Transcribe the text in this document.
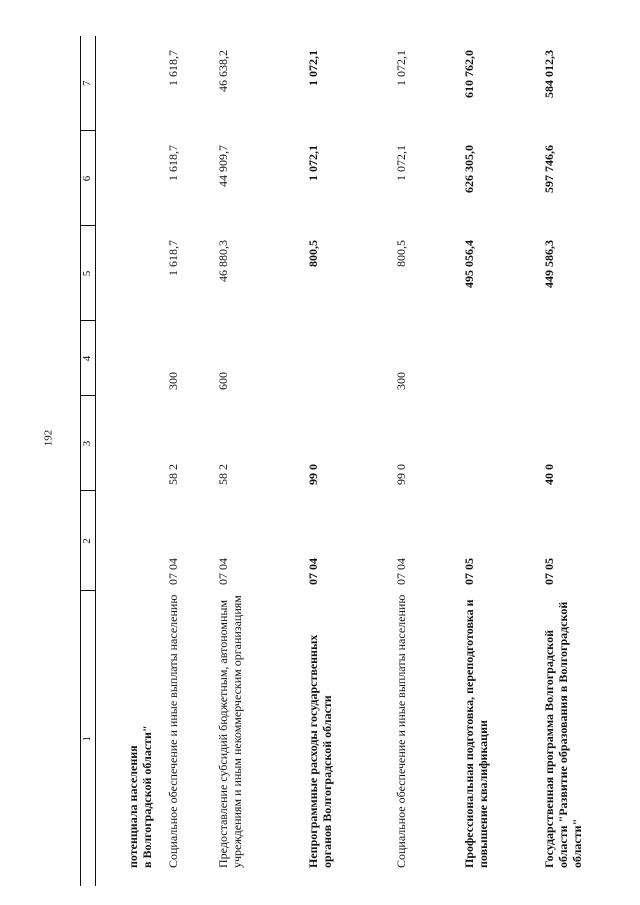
192
1	2	3	4	5	6	7
потенциала населения
в Волгоградской области"						
Социальное обеспечение и иные выплаты населению	07 04	58 2	300	1 618,7	1 618,7	1 618,7
Предоставление субсидий бюджетным, автономным учреждениям и иным некоммерческим организациям	07 04	58 2	600	46 880,3	44 909,7	46 638,2
Непрограммные расходы государственных органов Волгоградской области	07 04	99 0		800,5	1 072,1	1 072,1
Социальное обеспечение и иные выплаты населению	07 04	99 0	300	800,5	1 072,1	1 072,1
Профессиональная подготовка, переподготовка и повышение квалификации	07 05			495 056,4	626 305,0	610 762,0
Государственная программа Волгоградской области "Развитие образования в Волгоградской области"	07 05	40 0		449 586,3	597 746,6	584 012,3
